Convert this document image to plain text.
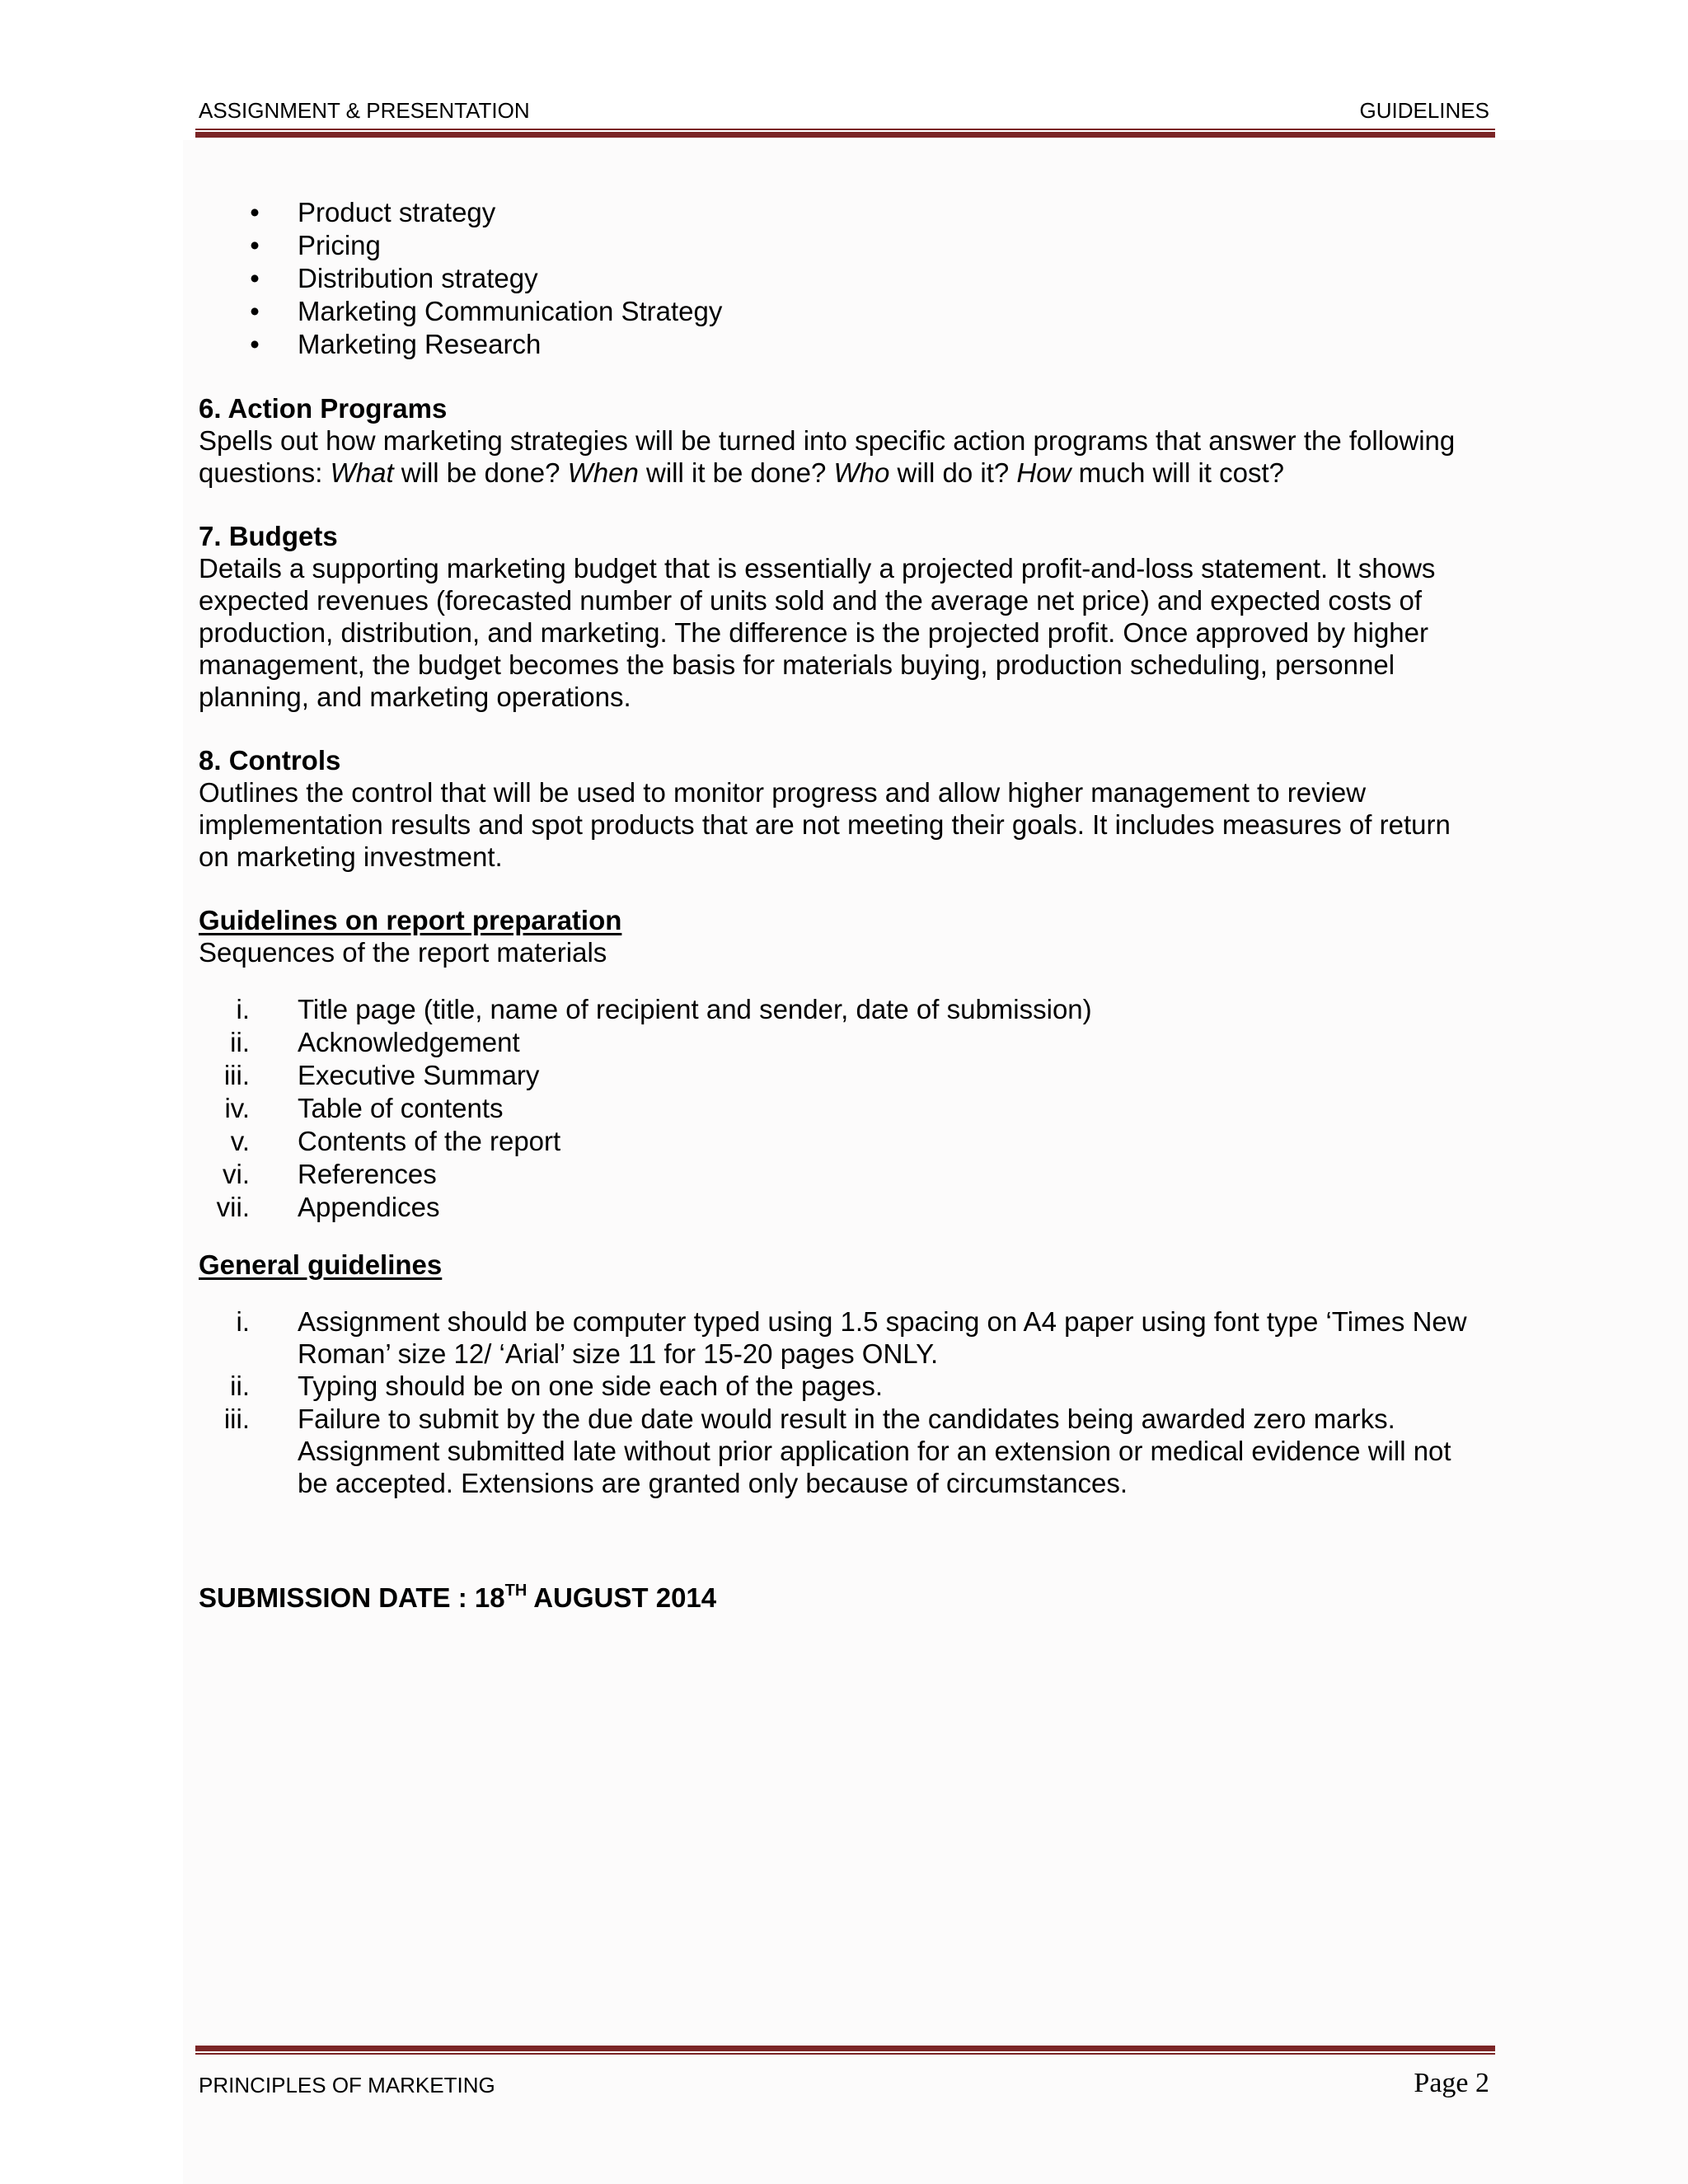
ASSIGNMENT & PRESENTATION	GUIDELINES
• Product strategy
• Pricing
• Distribution strategy
• Marketing Communication Strategy
• Marketing Research

6. Action Programs

Spells out how marketing strategies will be turned into specific action programs that answer the following

questions: What will be done? When will it be done? Who will do it? How much will it cost?

7. Budgets

Details a supporting marketing budget that is essentially a projected profit-and-loss statement. It shows

expected revenues (forecasted number of units sold and the average net price) and expected costs of

production, distribution, and marketing. The difference is the projected profit. Once approved by higher

management, the budget becomes the basis for materials buying, production scheduling, personnel

planning, and marketing operations.

8. Controls

Outlines the control that will be used to monitor progress and allow higher management to review

implementation results and spot products that are not meeting their goals. It includes measures of return

on marketing investment.

Guidelines on report preparation

Sequences of the report materials

i. Title page (title, name of recipient and sender, date of submission)
ii. Acknowledgement
iii. Executive Summary
iv. Table of contents
v. Contents of the report
vi. References
vii. Appendices

General guidelines

i. Assignment should be computer typed using 1.5 spacing on A4 paper using font type ‘Times New
Roman’ size 12/ ‘Arial’ size 11 for 15-20 pages ONLY.
ii. Typing should be on one side each of the pages.
iii. Failure to submit by the due date would result in the candidates being awarded zero marks.
Assignment submitted late without prior application for an extension or medical evidence will not
be accepted. Extensions are granted only because of circumstances.

SUBMISSION DATE : 18TH AUGUST 2014

PRINCIPLES OF MARKETING	Page 2
